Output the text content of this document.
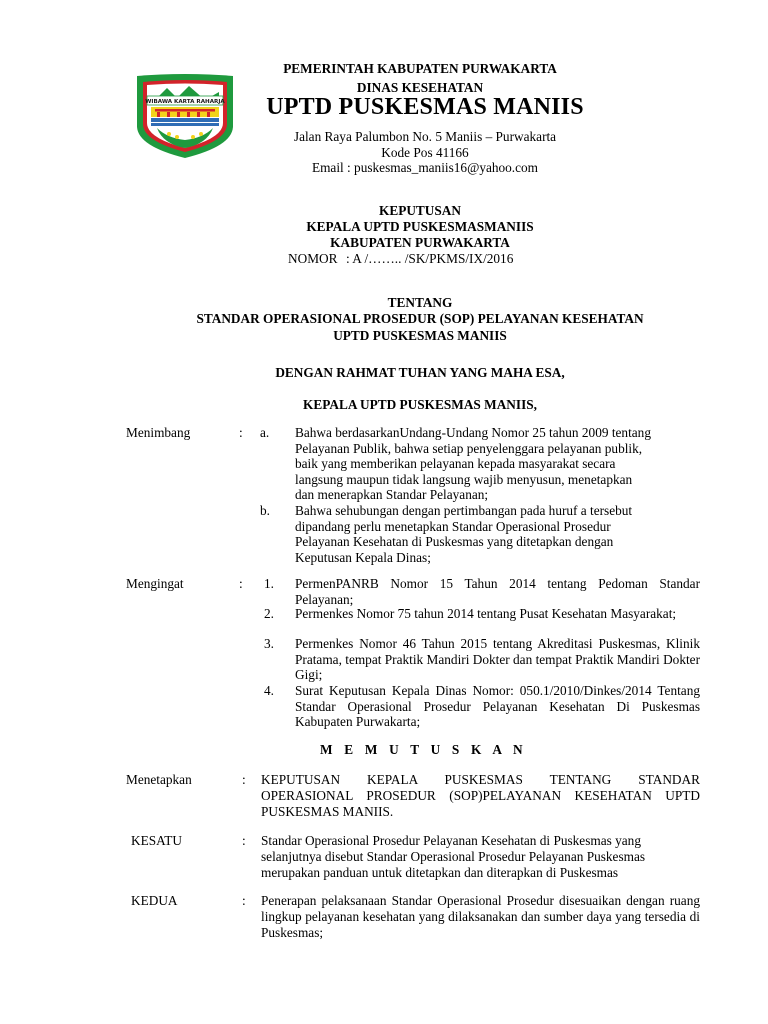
WIBAWA KARTA RAHARJA
PEMERINTAH KABUPATEN PURWAKARTA
DINAS KESEHATAN
UPTD PUSKESMAS MANIIS
Jalan Raya Palumbon No. 5 Maniis – Purwakarta
Kode Pos 41166
Email : puskesmas_maniis16@yahoo.com
KEPUTUSAN
KEPALA UPTD PUSKESMASMANIIS
KABUPATEN PURWAKARTA
NOMOR : A /…….. /SK/PKMS/IX/2016
TENTANG
STANDAR OPERASIONAL PROSEDUR (SOP) PELAYANAN KESEHATAN
UPTD PUSKESMAS MANIIS
DENGAN RAHMAT TUHAN YANG MAHA ESA,
KEPALA UPTD PUSKESMAS MANIIS,
Menimbang	: a. Bahwa berdasarkanUndang-Undang Nomor 25 tahun 2009 tentang
Pelayanan Publik, bahwa setiap penyelenggara pelayanan publik,
baik yang memberikan pelayanan kepada masyarakat secara
langsung maupun tidak langsung wajib menyusun, menetapkan
dan menerapkan Standar Pelayanan;
b. Bahwa sehubungan dengan pertimbangan pada huruf a tersebut
dipandang perlu menetapkan Standar Operasional Prosedur
Pelayanan Kesehatan di Puskesmas yang ditetapkan dengan
Keputusan Kepala Dinas;
Mengingat	: 1. PermenPANRB Nomor 15 Tahun 2014 tentang Pedoman Standar Pelayanan;
2. Permenkes Nomor 75 tahun 2014 tentang Pusat Kesehatan Masyarakat;
3. Permenkes Nomor 46 Tahun 2015 tentang Akreditasi Puskesmas, Klinik Pratama, tempat Praktik Mandiri Dokter dan tempat Praktik Mandiri Dokter Gigi;
4. Surat Keputusan Kepala Dinas Nomor: 050.1/2010/Dinkes/2014 Tentang Standar Operasional Prosedur Pelayanan Kesehatan Di Puskesmas Kabupaten Purwakarta;
M E M U T U S K A N
Menetapkan	: KEPUTUSAN KEPALA PUSKESMAS TENTANG STANDAR OPERASIONAL PROSEDUR (SOP)PELAYANAN KESEHATAN UPTD PUSKESMAS MANIIS.
KESATU	: Standar Operasional Prosedur Pelayanan Kesehatan di Puskesmas yang
selanjutnya disebut Standar Operasional Prosedur Pelayanan Puskesmas
merupakan panduan untuk ditetapkan dan diterapkan di Puskesmas
KEDUA	: Penerapan pelaksanaan Standar Operasional Prosedur disesuaikan dengan ruang lingkup pelayanan kesehatan yang dilaksanakan dan sumber daya yang tersedia di Puskesmas;
